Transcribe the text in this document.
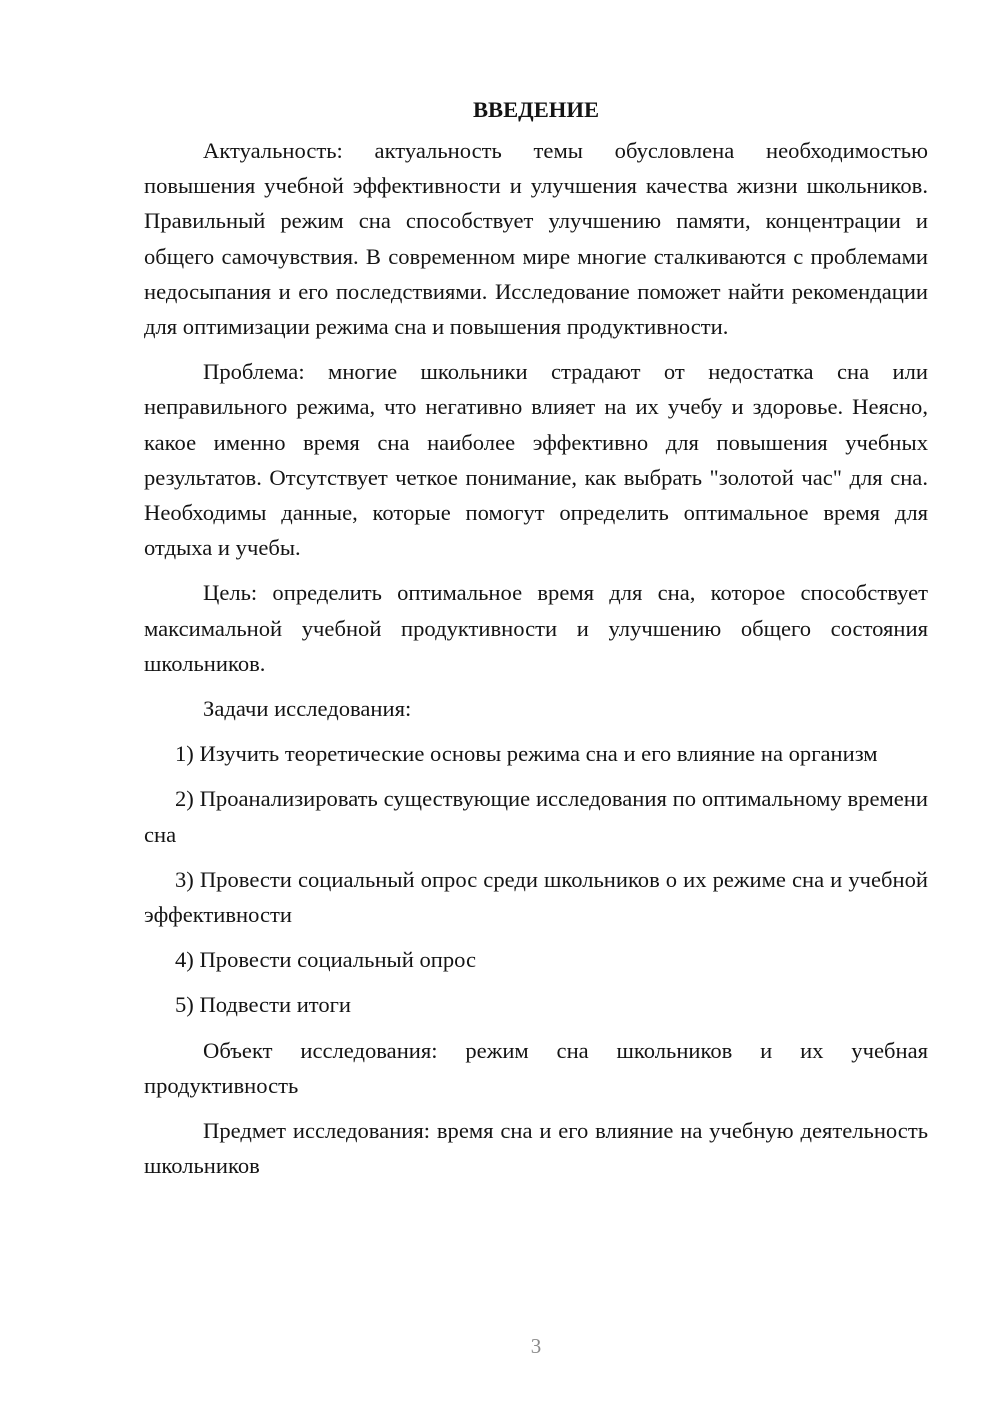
ВВЕДЕНИЕ

Актуальность: актуальность темы обусловлена необходимостью повышения учебной эффективности и улучшения качества жизни школьников. Правильный режим сна способствует улучшению памяти, концентрации и общего самочувствия. В современном мире многие сталкиваются с проблемами недосыпания и его последствиями. Исследование поможет найти рекомендации для оптимизации режима сна и повышения продуктивности.

Проблема: многие школьники страдают от недостатка сна или неправильного режима, что негативно влияет на их учебу и здоровье. Неясно, какое именно время сна наиболее эффективно для повышения учебных результатов. Отсутствует четкое понимание, как выбрать "золотой час" для сна. Необходимы данные, которые помогут определить оптимальное время для отдыха и учебы.

Цель: определить оптимальное время для сна, которое способствует максимальной учебной продуктивности и улучшению общего состояния школьников.

Задачи исследования:

1) Изучить теоретические основы режима сна и его влияние на организм

2) Проанализировать существующие исследования по оптимальному времени сна

3) Провести социальный опрос среди школьников о их режиме сна и учебной эффективности

4) Провести социальный опрос

5) Подвести итоги

Объект исследования: режим сна школьников и их учебная продуктивность

Предмет исследования: время сна и его влияние на учебную деятельность школьников

3
